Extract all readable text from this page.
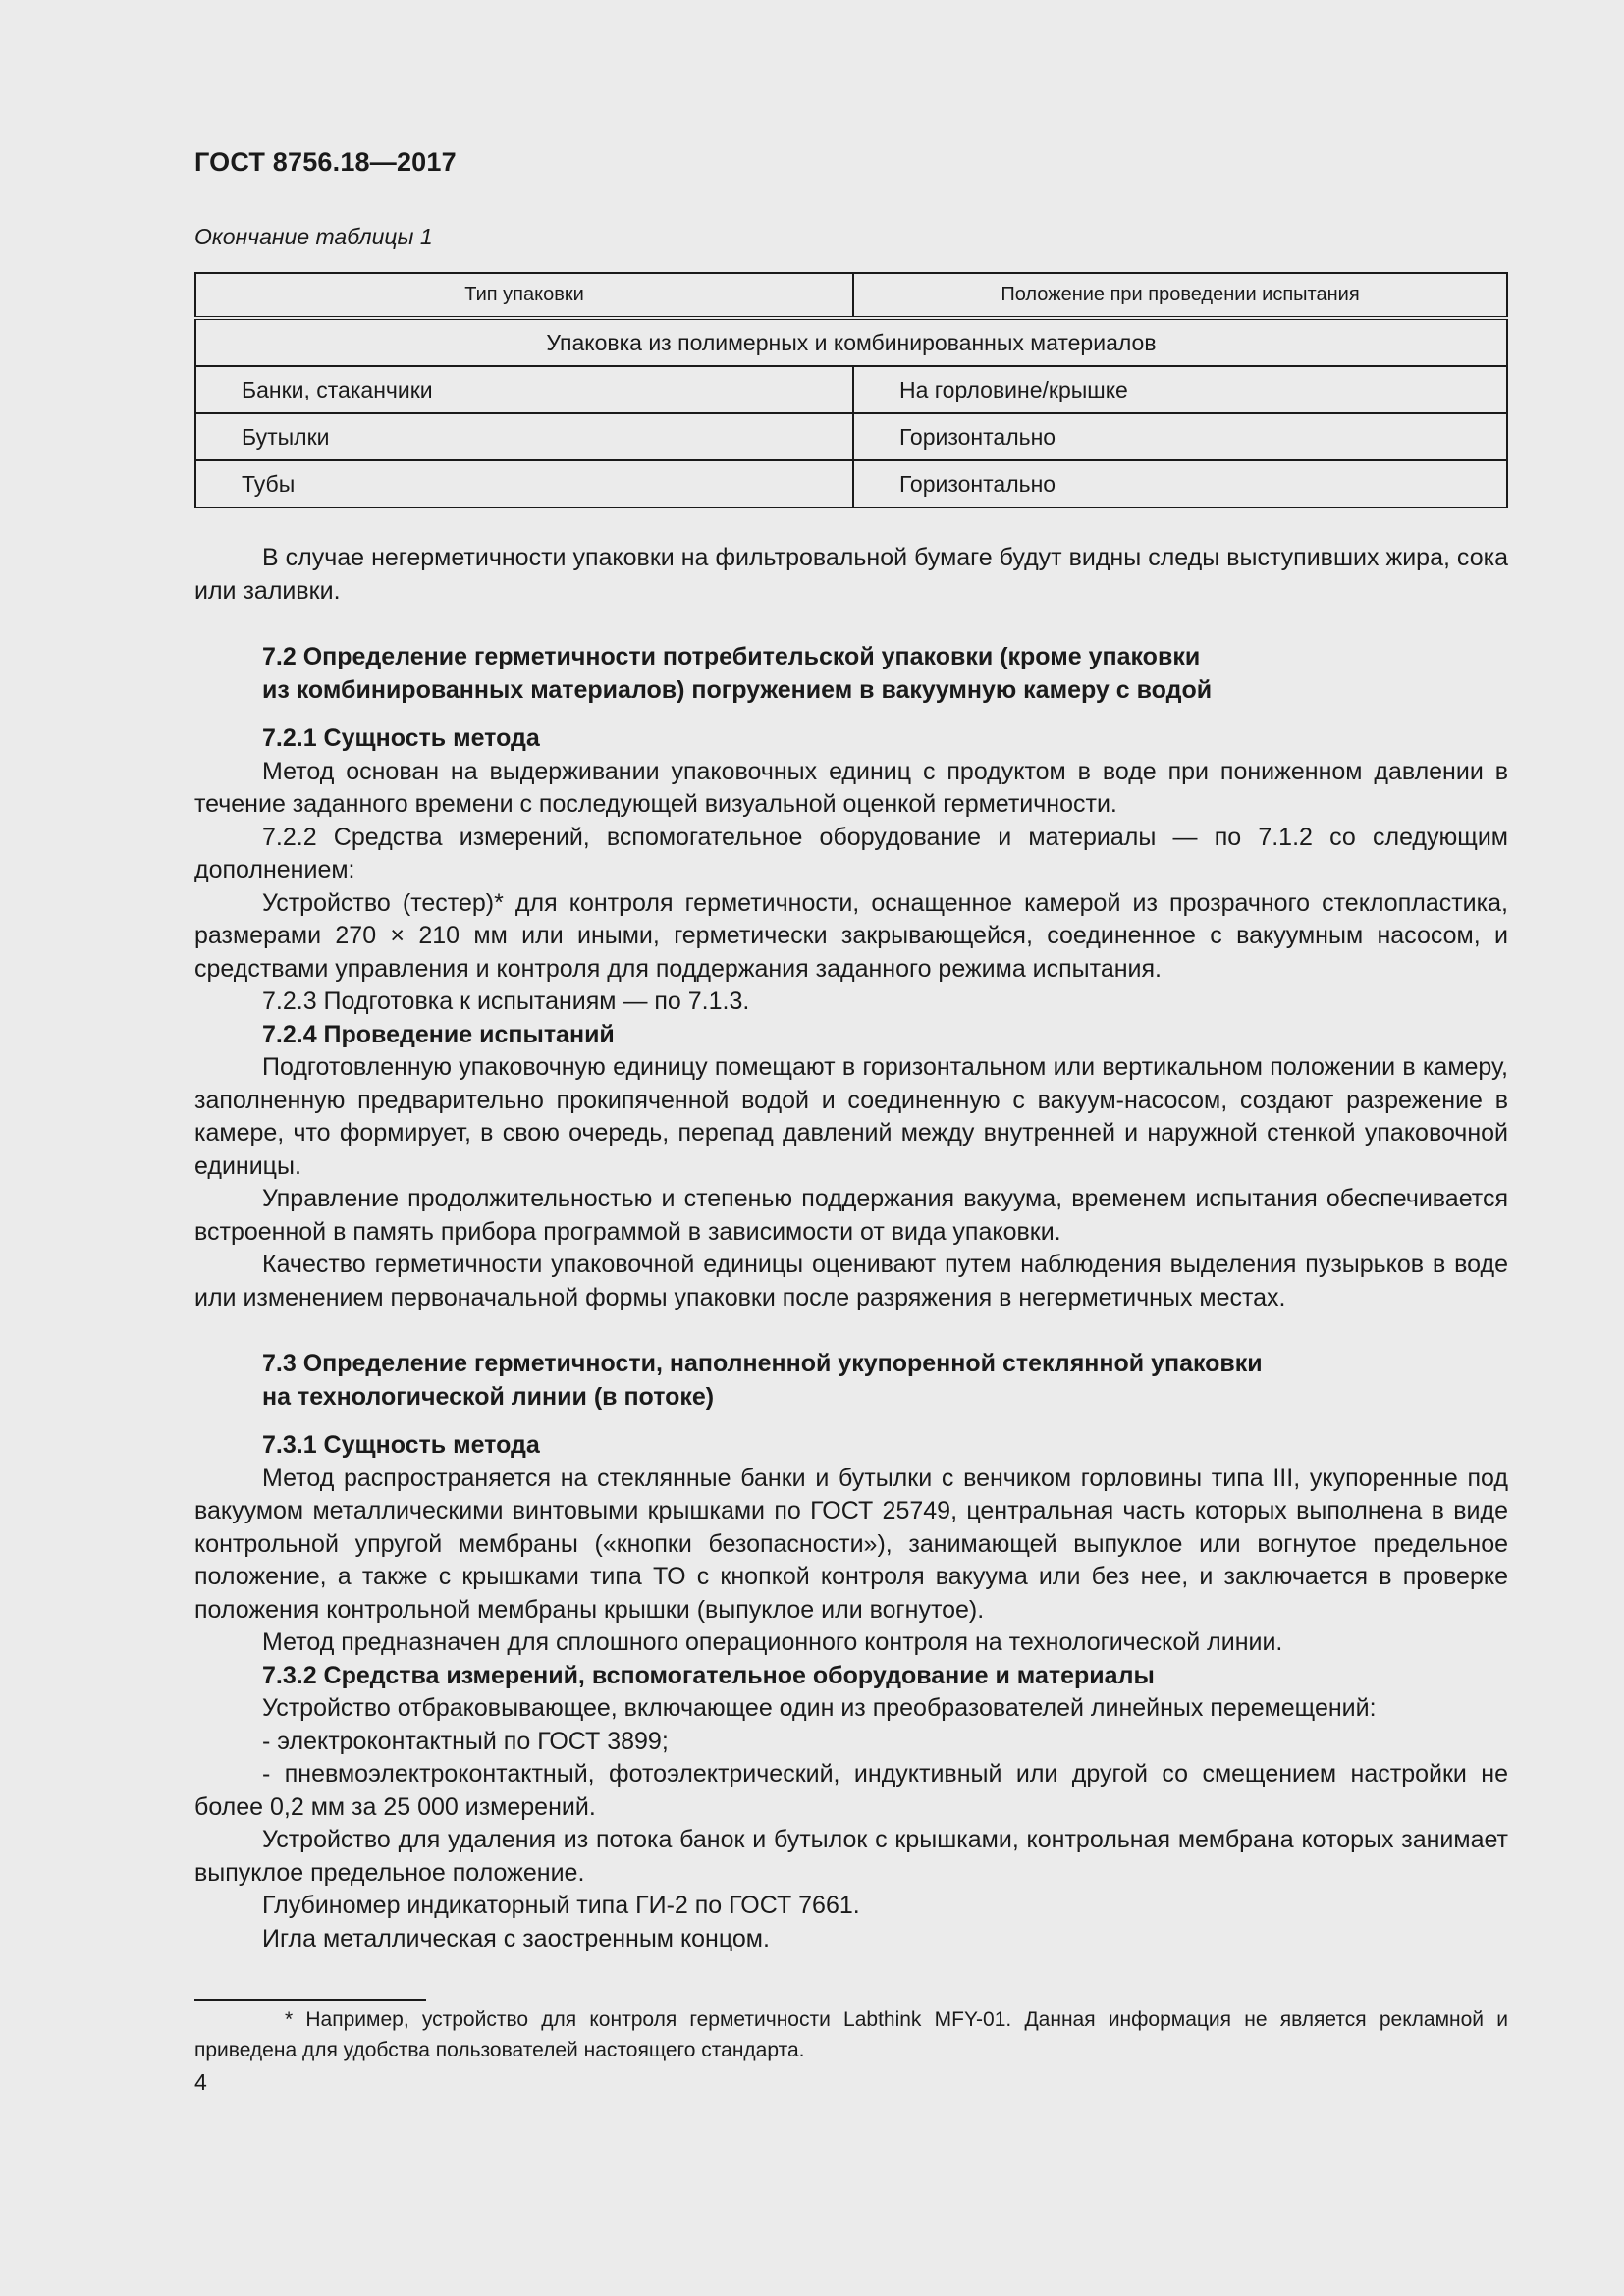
ГОСТ 8756.18—2017
Окончание таблицы 1
Тип упаковки	Положение при проведении испытания
Упаковка из полимерных и комбинированных материалов	
Банки, стаканчики	На горловине/крышке
Бутылки	Горизонтально
Тубы	Горизонтально

В случае негерметичности упаковки на фильтровальной бумаге будут видны следы выступивших жира, сока или заливки.

7.2 Определение герметичности потребительской упаковки (кроме упаковки
из комбинированных материалов) погружением в вакуумную камеру с водой

7.2.1 Сущность метода

Метод основан на выдерживании упаковочных единиц с продуктом в воде при пониженном давлении в течение заданного времени с последующей визуальной оценкой герметичности.

7.2.2 Средства измерений, вспомогательное оборудование и материалы — по 7.1.2 со следующим дополнением:

Устройство (тестер)* для контроля герметичности, оснащенное камерой из прозрачного стеклопластика, размерами 270 × 210 мм или иными, герметически закрывающейся, соединенное с вакуумным насосом, и средствами управления и контроля для поддержания заданного режима испытания.

7.2.3 Подготовка к испытаниям — по 7.1.3.

7.2.4 Проведение испытаний

Подготовленную упаковочную единицу помещают в горизонтальном или вертикальном положении в камеру, заполненную предварительно прокипяченной водой и соединенную с вакуум-насосом, создают разрежение в камере, что формирует, в свою очередь, перепад давлений между внутренней и наружной стенкой упаковочной единицы.

Управление продолжительностью и степенью поддержания вакуума, временем испытания обеспечивается встроенной в память прибора программой в зависимости от вида упаковки.

Качество герметичности упаковочной единицы оценивают путем наблюдения выделения пузырьков в воде или изменением первоначальной формы упаковки после разряжения в негерметичных местах.

7.3 Определение герметичности, наполненной укупоренной стеклянной упаковки
на технологической линии (в потоке)

7.3.1 Сущность метода

Метод распространяется на стеклянные банки и бутылки с венчиком горловины типа III, укупоренные под вакуумом металлическими винтовыми крышками по ГОСТ 25749, центральная часть которых выполнена в виде контрольной упругой мембраны («кнопки безопасности»), занимающей выпуклое или вогнутое предельное положение, а также с крышками типа ТО с кнопкой контроля вакуума или без нее, и заключается в проверке положения контрольной мембраны крышки (выпуклое или вогнутое).

Метод предназначен для сплошного операционного контроля на технологической линии.

7.3.2 Средства измерений, вспомогательное оборудование и материалы

Устройство отбраковывающее, включающее один из преобразователей линейных перемещений:

- электроконтактный по ГОСТ 3899;

- пневмоэлектроконтактный, фотоэлектрический, индуктивный или другой со смещением настройки не более 0,2 мм за 25 000 измерений.

Устройство для удаления из потока банок и бутылок с крышками, контрольная мембрана которых занимает выпуклое предельное положение.

Глубиномер индикаторный типа ГИ-2 по ГОСТ 7661.

Игла металлическая с заостренным концом.

* Например, устройство для контроля герметичности Labthink MFY-01. Данная информация не является рекламной и приведена для удобства пользователей настоящего стандарта.

4
